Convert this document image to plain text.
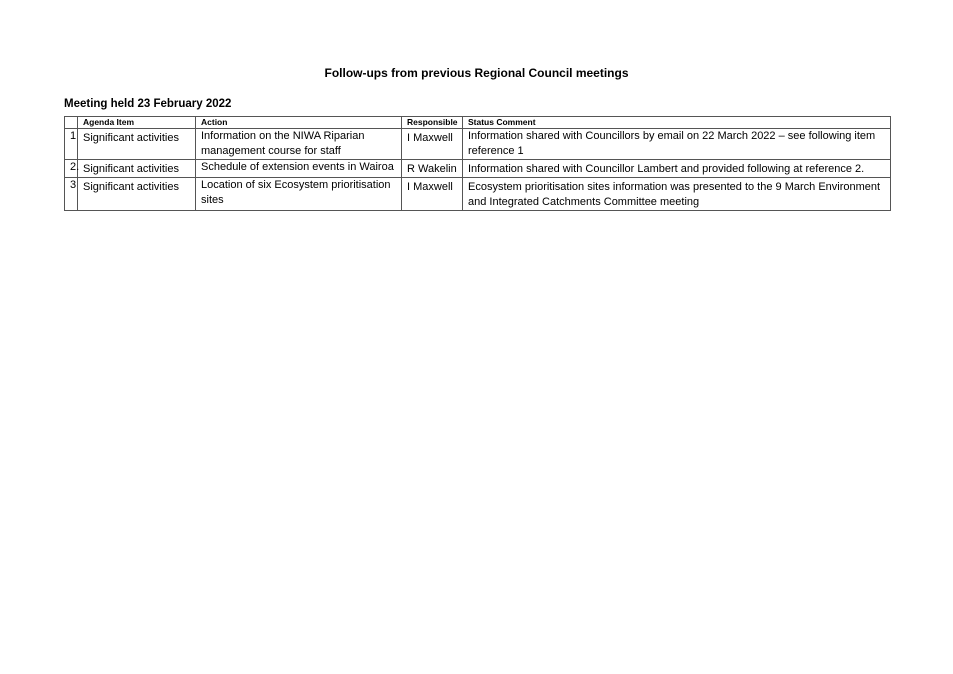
Follow-ups from previous Regional Council meetings
Meeting held 23 February 2022
	Agenda Item	Action	Responsible	Status Comment
1	Significant activities	Information on the NIWA Riparian management course for staff	I Maxwell	Information shared with Councillors by email on 22 March 2022 – see following item reference 1
2.	Significant activities	Schedule of extension events in Wairoa	R Wakelin	Information shared with Councillor Lambert and provided following at reference 2.
3	Significant activities	Location of six Ecosystem prioritisation sites	I Maxwell	Ecosystem prioritisation sites information was presented to the 9 March Environment and Integrated Catchments Committee meeting
